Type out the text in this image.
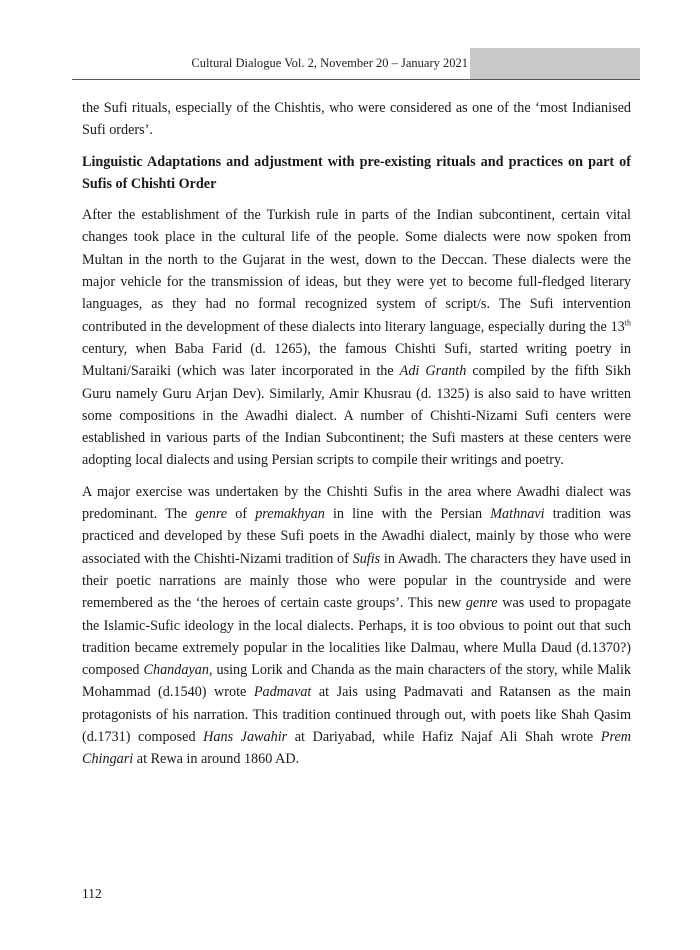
Cultural Dialogue Vol. 2, November 20 – January 2021

the Sufi rituals, especially of the Chishtis, who were considered as one of the ‘most Indianised Sufi orders’.

Linguistic Adaptations and adjustment with pre-existing rituals and practices on part of Sufis of Chishti Order

After the establishment of the Turkish rule in parts of the Indian subcontinent, certain vital changes took place in the cultural life of the people. Some dialects were now spoken from Multan in the north to the Gujarat in the west, down to the Deccan. These dialects were the major vehicle for the transmission of ideas, but they were yet to become full-fledged literary languages, as they had no formal recognized system of script/s. The Sufi intervention contributed in the development of these dialects into literary language, especially during the 13th century, when Baba Farid (d. 1265), the famous Chishti Sufi, started writing poetry in Multani/Saraiki (which was later incorporated in the Adi Granth compiled by the fifth Sikh Guru namely Guru Arjan Dev). Similarly, Amir Khusrau (d. 1325) is also said to have written some compositions in the Awadhi dialect. A number of Chishti-Nizami Sufi centers were established in various parts of the Indian Subcontinent; the Sufi masters at these centers were adopting local dialects and using Persian scripts to compile their writings and poetry.

A major exercise was undertaken by the Chishti Sufis in the area where Awadhi dialect was predominant. The genre of premakhyan in line with the Persian Mathnavi tradition was practiced and developed by these Sufi poets in the Awadhi dialect, mainly by those who were associated with the Chishti-Nizami tradition of Sufis in Awadh. The characters they have used in their poetic narrations are mainly those who were popular in the countryside and were remembered as the ‘the heroes of certain caste groups’. This new genre was used to propagate the Islamic-Sufic ideology in the local dialects. Perhaps, it is too obvious to point out that such tradition became extremely popular in the localities like Dalmau, where Mulla Daud (d.1370?) composed Chandayan, using Lorik and Chanda as the main characters of the story, while Malik Mohammad (d.1540) wrote Padmavat at Jais using Padmavati and Ratansen as the main protagonists of his narration. This tradition continued through out, with poets like Shah Qasim (d.1731) composed Hans Jawahir at Dariyabad, while Hafiz Najaf Ali Shah wrote Prem Chingari at Rewa in around 1860 AD.

112
